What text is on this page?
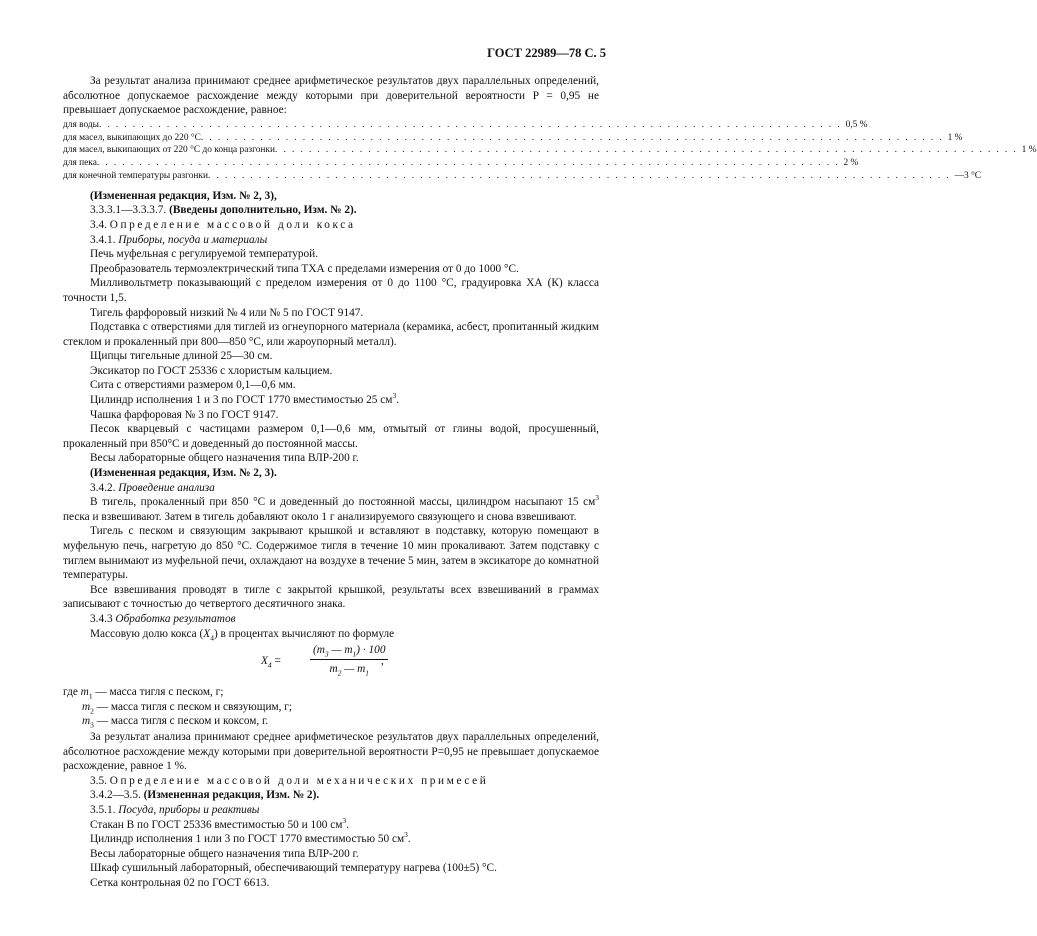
ГОСТ 22989—78 С. 5

За результат анализа принимают среднее арифметическое результатов двух параллельных определений, абсолютное допускаемое расхождение между которыми при доверительной вероятности P = 0,95 не превышает допускаемое расхождение, равное:

для воды . . . . . . . . . . . . . . . . . . . . . . . . . . . . . . . . . . . . . . . . . . . . . . . . . . . . . . . . . . . . . . . . . . . . . . . . . . . . . . . . . . . . . . . . 0,5 %
для масел, выкипающих до 220 °С . . . . . . . . . . . . . . . . . . . . . . . . . . . . . . . . . . . . . . . . . . . . . . . . . . . . . . . . . . . . . . . . . . . . . . . . . . . . . . . . . . . . . . . . 1 %
для масел, выкипающих от 220 °С до конца разгонки . . . . . . . . . . . . . . . . . . . . . . . . . . . . . . . . . . . . . . . . . . . . . . . . . . . . . . . . . . . . . . . . . . . . . . . . . . . . . . . . . . . . . . . . 1 %
для пека . . . . . . . . . . . . . . . . . . . . . . . . . . . . . . . . . . . . . . . . . . . . . . . . . . . . . . . . . . . . . . . . . . . . . . . . . . . . . . . . . . . . . . . . 2 %
для конечной температуры разгонки . . . . . . . . . . . . . . . . . . . . . . . . . . . . . . . . . . . . . . . . . . . . . . . . . . . . . . . . . . . . . . . . . . . . . . . . . . . . . . . . . . . . . . . . —3 °С

(Измененная редакция, Изм. № 2, 3),

3.3.3.1—3.3.3.7. (Введены дополнительно, Изм. № 2).

3.4. Определение массовой доли кокса

3.4.1. Приборы, посуда и материалы

Печь муфельная с регулируемой температурой.

Преобразователь термоэлектрический типа ТХА с пределами измерения от 0 до 1000 °С.

Милливольтметр показывающий с пределом измерения от 0 до 1100 °С, градуировка ХА (К) класса точности 1,5.

Тигель фарфоровый низкий № 4 или № 5 по ГОСТ 9147.

Подставка с отверстиями для тиглей из огнеупорного материала (керамика, асбест, пропитанный жидким стеклом и прокаленный при 800—850 °С, или жароупорный металл).

Щипцы тигельные длиной 25—30 см.

Эксикатор по ГОСТ 25336 с хлористым кальцием.

Сита с отверстиями размером 0,1—0,6 мм.

Цилиндр исполнения 1 и 3 по ГОСТ 1770 вместимостью 25 $см^3$.

Чашка фарфоровая № 3 по ГОСТ 9147.

Песок кварцевый с частицами размером 0,1—0,6 мм, отмытый от глины водой, просушенный, прокаленный при 850°С и доведенный до постоянной массы.

Весы лабораторные общего назначения типа ВЛР-200 г.

(Измененная редакция, Изм. № 2, 3).

3.4.2. Проведение анализа

В тигель, прокаленный при 850 °С и доведенный до постоянной массы, цилиндром насыпают 15 $см^3$ песка и взвешивают. Затем в тигель добавляют около 1 г анализируемого связующего и снова взвешивают.

Тигель с песком и связующим закрывают крышкой и вставляют в подставку, которую помещают в муфельную печь, нагретую до 850 °С. Содержимое тигля в течение 10 мин прокаливают. Затем подставку с тиглем вынимают из муфельной печи, охлаждают на воздухе в течение 5 мин, затем в эксикаторе до комнатной температуры.

Все взвешивания проводят в тигле с закрытой крышкой, результаты всех взвешиваний в граммах записывают с точностью до четвертого десятичного знака.

3.4.3 Обработка результатов

Массовую долю кокса $(X_4)$ в процентах вычисляют по формуле

$X_4$ =	$\frac{(m_3 — m_1) \cdot 100}{m_2 — m_1}$
,

где $m_1$ — масса тигля с песком, г;

$m_2$ — масса тигля с песком и связующим, г;

$m_3$ — масса тигля с песком и коксом, г.

За результат анализа принимают среднее арифметическое результатов двух параллельных определений, абсолютное расхождение между которыми при доверительной вероятности P=0,95 не превышает допускаемое расхождение, равное 1 %.

3.5. Определение массовой доли механических примесей

3.4.2—3.5. (Измененная редакция, Изм. № 2).

3.5.1. Посуда, приборы и реактивы

Стакан В по ГОСТ 25336 вместимостью 50 и 100 $см^3$.

Цилиндр исполнения 1 или 3 по ГОСТ 1770 вместимостью 50 $см^3$.

Весы лабораторные общего назначения типа ВЛР-200 г.

Шкаф сушильный лабораторный, обеспечивающий температуру нагрева (100±5) °С.

Сетка контрольная 02 по ГОСТ 6613.
